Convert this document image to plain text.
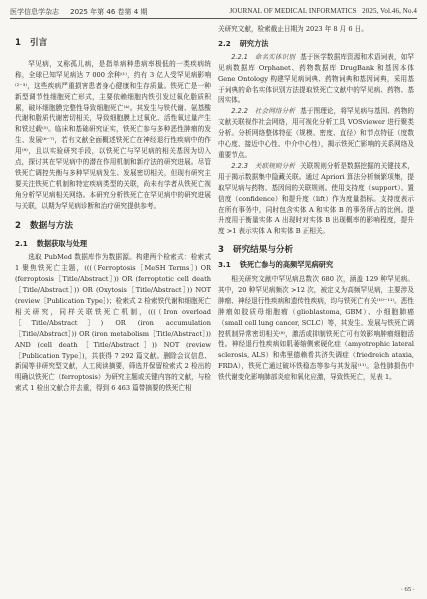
医学信息学杂志 2025 年第 46 卷第 4 期	JOURNAL OF MEDICAL INFORMATICS 2025, Vol.46, No.4
1 引言

罕见病，又称孤儿病，是指单病种患病率极低的一类疾病统称，全球已知罕见病达 7 000 余种⁽¹⁾，约有 3 亿人受罕见病影响⁽²⁻³⁾，这些疾病严重损害患者身心健康和生存质量。铁死亡是一种新型调节性细胞死亡形式，主要依赖细胞内铁引发过氧化脂质积累，破坏细胞膜完整性导致细胞死亡⁽⁴⁾。其发生与铁代谢、氨基酸代谢和脂质代谢密切相关，导致细胞膜上过氧化、活性氧过量产生和铁过载⁽⁵⁾。临床和基础研究证实，铁死亡参与多种恶性肿瘤的发生、发展⁽⁶⁻⁷⁾，若有文献全面概述铁死亡在神经退行性疾病中的作用⁽⁸⁾，且以实验研究手段，以铁死亡与罕见病的相关基因为切入点，探讨其在罕见病中的潜在作用机制和新疗法的研究进展。尽管铁死亡调控失衡与多种罕见病发生、发展密切相关，但现有研究主要关注铁死亡机制和特定疾病类型的关联，尚未有学者从铁死亡视角分析罕见病相关网络。本研究分析铁死亡在罕见病中的研究进展与关联，以期为罕见病诊断和治疗研究提供参考。

2 数据与方法
2.1 数据获取与处理

选取 PubMed 数据库作为数据源。构建两个检索式：检索式 1 聚焦铁死亡主题，(((（Ferroptosis［MeSH Terms］) OR (ferroptosis［Title/Abstract］)) OR (ferroptotic cell death［Title/Abstract］)) OR (Oxytosis［Title/Abstract］)) NOT (review［Publication Type］)；检索式 2 检索铁代谢和细胞死亡相关研究，同样关联铁死亡机制，(((（Iron overload［Title/Abstract］) OR (iron accumulation［Title/Abstract］)) OR (iron metabolism［Title/Abstract］)) AND (cell death［Title/Abstract］)) NOT (review［Publication Type］)，共获得 7 292 篇文献。删除会议信息、新闻等非研究型文献，人工阅读摘要，筛选并保留检索式 2 检出的明确以铁死亡（ferroptosis）为研究主题或关键内容的文献，与检索式 1 检出文献合并去重，得到 6 463 篇带摘要的铁死亡相

关研究文献，检索截止日期为 2023 年 8 月 6 日。

2.2 研究方法

2.2.1　命名实体识别 基于医学数据库资源和术语词表，如罕见病数据库 Orphanet、药物数据库 DrugBank 和基因本体 Gene Ontology 构建罕见病词典、药物词典和基因词典，采用基于词典的命名实体识别方法提取铁死亡文献中的罕见病、药物、基因实体。

2.2.2　社会网络分析 基于图理论，将罕见病与基因、药物的文献关联视作社会网络，用可视化分析工具 VOSviewer 进行聚类分析。分析网络整体特征（规模、密度、直径）和节点特征（度数中心度、接近中心性、中介中心性），揭示铁死亡影响的关系网络及重要节点。

2.2.3　关联规则分析 关联规则分析是数据挖掘的关键技术，用于揭示数据集中隐藏关联。通过 Apriori 算法分析频繁项集，提取罕见病与药物、基因间的关联规则。使用支持度（support）、置信度（confidence）和提升度（lift）作为度量指标。支持度表示在所有事务中，同时包含实体 A 和实体 B 的事务所占的比例。提升度用于衡量实体 A 出现时对实体 B 出现概率的影响程度，提升度 >1 表示实体 A 和实体 B 正相关。

3 研究结果与分析
3.1 铁死亡参与的高频罕见病研究

相关研究文献中罕见病总数次 680 次，涵盖 129 种罕见病。其中，20 种罕见病频次 >12 次，被定义为高频罕见病，主要涉及肿瘤、神经退行性疾病和遗传性疾病，均与铁死亡有关⁽¹⁰⁻¹¹⁾。恶性肿瘤如胶质母细胞瘤（glioblastoma, GBM）、小细胞肺癌（small cell lung cancer, SCLC）等，其发生、发展与铁死亡调控机制异常密切相关⁽⁸⁾，激活或抑制铁死亡可有效影响肿瘤细胞活性。神经退行性疾病如肌萎缩侧索硬化症（amyotrophic lateral sclerosis, ALS）和弗里德赖希共济失调症（friedreich ataxia, FRDA），铁死亡通过破坏铁稳态等参与其发展⁽¹¹⁾。急性肺损伤中铁代谢变化影响肺部炎症和氧化应激，导致铁死亡，见表 1。

· 65 ·
